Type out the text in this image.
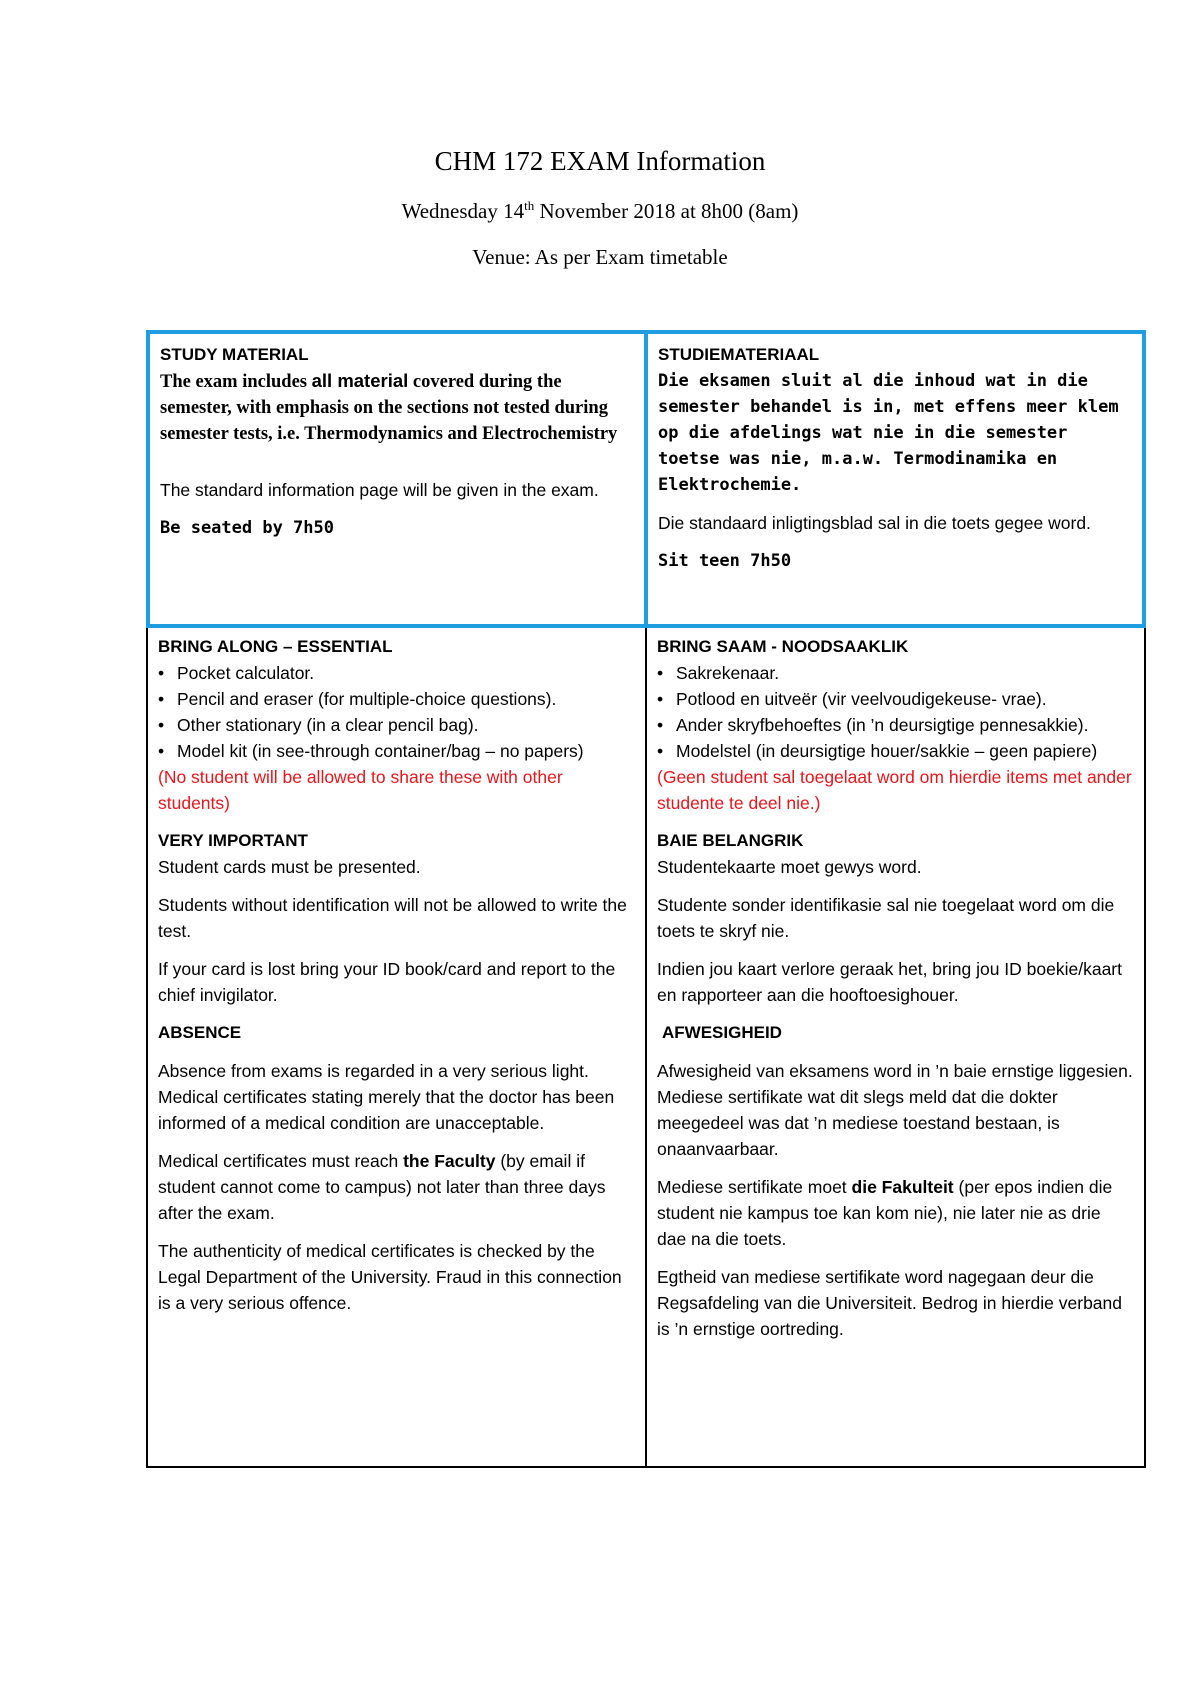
CHM 172 EXAM Information
Wednesday 14th November 2018 at 8h00 (8am)
Venue: As per Exam timetable
STUDY MATERIAL

The exam includes all material covered during the semester, with emphasis on the sections not tested during semester tests, i.e. Thermodynamics and Electrochemistry

The standard information page will be given in the exam.

Be seated by 7h50

STUDIEMATERIAAL

Die eksamen sluit al die inhoud wat in die semester behandel is in, met effens meer klem op die afdelings wat nie in die semester toetse was nie, m.a.w. Termodinamika en Elektrochemie.

Die standaard inligtingsblad sal in die toets gegee word.

Sit teen 7h50

BRING ALONG – ESSENTIAL
• Pocket calculator.
• Pencil and eraser (for multiple-choice questions).
• Other stationary (in a clear pencil bag).
• Model kit (in see-through container/bag – no papers)

(No student will be allowed to share these with other students)

VERY IMPORTANT

Student cards must be presented.

Students without identification will not be allowed to write the test.

If your card is lost bring your ID book/card and report to the chief invigilator.

ABSENCE

Absence from exams is regarded in a very serious light. Medical certificates stating merely that the doctor has been informed of a medical condition are unacceptable.

Medical certificates must reach the Faculty (by email if student cannot come to campus) not later than three days after the exam.

The authenticity of medical certificates is checked by the Legal Department of the University. Fraud in this connection is a very serious offence.

BRING SAAM - NOODSAAKLIK
• Sakrekenaar.
• Potlood en uitveër (vir veelvoudigekeuse- vrae).
• Ander skryfbehoeftes (in ’n deursigtige pennesakkie).
• Modelstel (in deursigtige houer/sakkie – geen papiere)

(Geen student sal toegelaat word om hierdie items met ander studente te deel nie.)

BAIE BELANGRIK

Studentekaarte moet gewys word.

Studente sonder identifikasie sal nie toegelaat word om die toets te skryf nie.

Indien jou kaart verlore geraak het, bring jou ID boekie/kaart en rapporteer aan die hooftoesighouer.

AFWESIGHEID

Afwesigheid van eksamens word in ’n baie ernstige liggesien. Mediese sertifikate wat dit slegs meld dat die dokter meegedeel was dat ’n mediese toestand bestaan, is onaanvaarbaar.

Mediese sertifikate moet die Fakulteit (per epos indien die student nie kampus toe kan kom nie), nie later nie as drie dae na die toets.

Egtheid van mediese sertifikate word nagegaan deur die Regsafdeling van die Universiteit. Bedrog in hierdie verband is ’n ernstige oortreding.
